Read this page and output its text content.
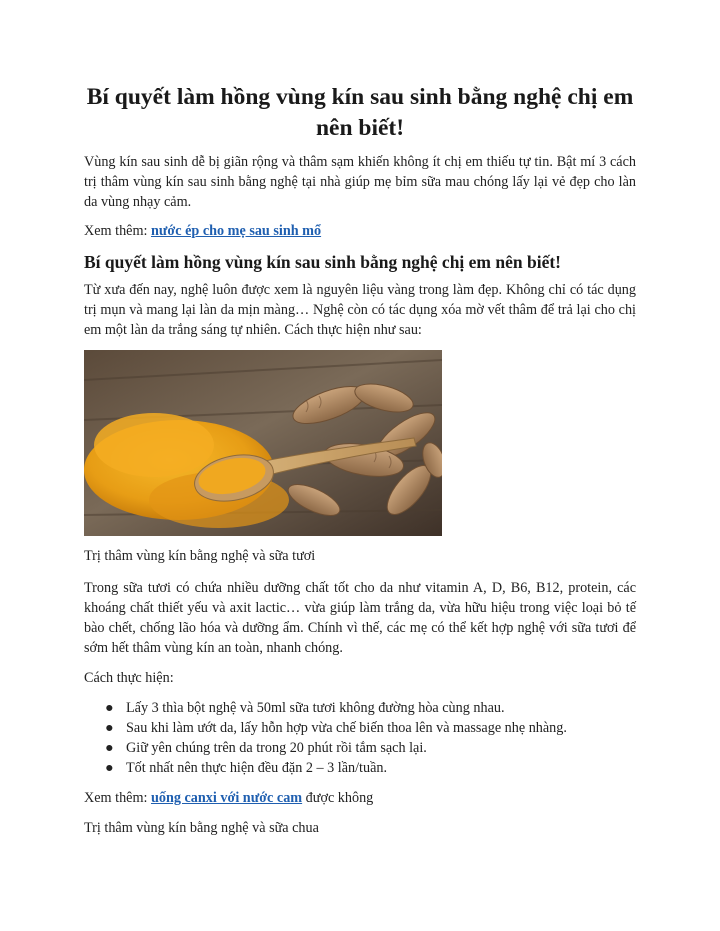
Bí quyết làm hồng vùng kín sau sinh bằng nghệ chị em nên biết!

Vùng kín sau sinh dễ bị giãn rộng và thâm sạm khiến không ít chị em thiếu tự tin. Bật mí 3 cách trị thâm vùng kín sau sinh bằng nghệ tại nhà giúp mẹ bỉm sữa mau chóng lấy lại vẻ đẹp cho làn da vùng nhạy cảm.

Xem thêm: nước ép cho mẹ sau sinh mổ

Bí quyết làm hồng vùng kín sau sinh bằng nghệ chị em nên biết!

Từ xưa đến nay, nghệ luôn được xem là nguyên liệu vàng trong làm đẹp. Không chỉ có tác dụng trị mụn và mang lại làn da mịn màng… Nghệ còn có tác dụng xóa mờ vết thâm để trả lại cho chị em một làn da trắng sáng tự nhiên. Cách thực hiện như sau:

Trị thâm vùng kín bằng nghệ và sữa tươi

Trong sữa tươi có chứa nhiều dưỡng chất tốt cho da như vitamin A, D, B6, B12, protein, các khoáng chất thiết yếu và axit lactic… vừa giúp làm trắng da, vừa hữu hiệu trong việc loại bỏ tế bào chết, chống lão hóa và dưỡng ẩm. Chính vì thế, các mẹ có thể kết hợp nghệ với sữa tươi để sớm hết thâm vùng kín an toàn, nhanh chóng.

Cách thực hiện:

● Lấy 3 thìa bột nghệ và 50ml sữa tươi không đường hòa cùng nhau.
● Sau khi làm ướt da, lấy hỗn hợp vừa chế biến thoa lên và massage nhẹ nhàng.
● Giữ yên chúng trên da trong 20 phút rồi tắm sạch lại.
● Tốt nhất nên thực hiện đều đặn 2 – 3 lần/tuần.

Xem thêm: uống canxi với nước cam được không

Trị thâm vùng kín bằng nghệ và sữa chua
